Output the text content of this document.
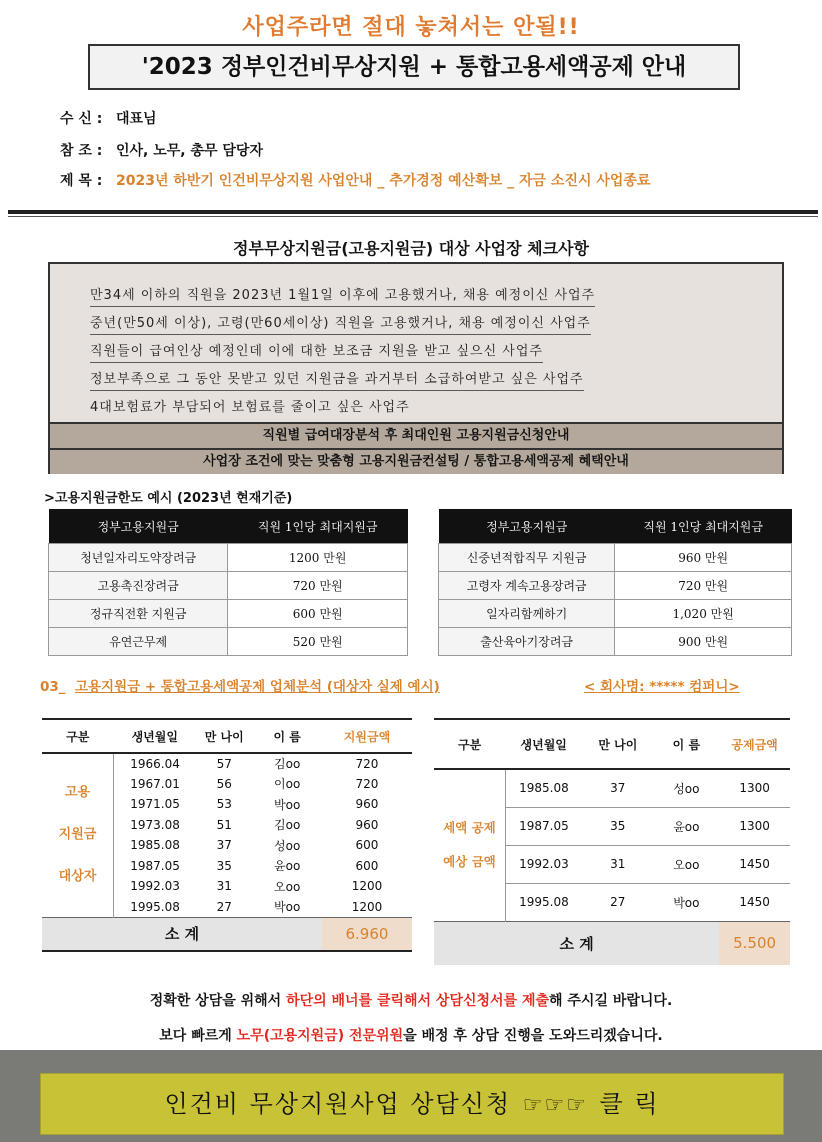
사업주라면 절대 놓쳐서는 안될!!
'2023 정부인건비무상지원 + 통합고용세액공제 안내
수 신 : 대표님
참 조 : 인사, 노무, 총무 담당자
제 목 : 2023년 하반기 인건비무상지원 사업안내 _ 추가경정 예산확보 _ 자금 소진시 사업종료
정부무상지원금(고용지원금) 대상 사업장 체크사항
만34세 이하의 직원을 2023년 1월1일 이후에 고용했거나, 채용 예정이신 사업주
중년(만50세 이상), 고령(만60세이상) 직원을 고용했거나, 채용 예정이신 사업주
직원들이 급여인상 예정인데 이에 대한 보조금 지원을 받고 싶으신 사업주
정보부족으로 그 동안 못받고 있던 지원금을 과거부터 소급하여받고 싶은 사업주
4대보험료가 부담되어 보험료를 줄이고 싶은 사업주
직원별 급여대장분석 후 최대인원 고용지원금신청안내
사업장 조건에 맞는 맞춤형 고용지원금컨설팅 / 통합고용세액공제 혜택안내
>고용지원금한도 예시 (2023년 현재기준)
정부고용지원금	직원 1인당 최대지원금
청년일자리도약장려금	1200 만원
고용촉진장려금	720 만원
정규직전환 지원금	600 만원
유연근무제	520 만원
정부고용지원금	직원 1인당 최대지원금
신중년적합직무 지원금	960 만원
고령자 계속고용장려금	720 만원
일자리함께하기	1,020 만원
출산육아기장려금	900 만원
03_ 고용지원금 + 통합고용세액공제 업체분석 (대상자 실제 예시)	< 회사명: ***** 컴퍼니>
구분	생년월일	만 나이	이 름	지원금액

고용
지원금
대상자	1966.04	57	김oo	720
	1967.01	56	이oo	720
	1971.05	53	박oo	960
	1973.08	51	김oo	960
	1985.08	37	성oo	600
	1987.05	35	윤oo	600
	1992.03	31	오oo	1200
	1995.08	27	박oo	1200
소 계				6.960
구분	생년월일	만 나이	이 름	공제금액

세액 공제
예상 금액	1985.08	37	성oo	1300
	1987.05	35	윤oo	1300
	1992.03	31	오oo	1450
	1995.08	27	박oo	1450
소 계				5.500
정확한 상담을 위해서 하단의 배너를 클릭해서 상담신청서를 제출해 주시길 바랍니다.
보다 빠르게 노무(고용지원금) 전문위원을 배정 후 상담 진행을 도와드리겠습니다.
인건비 무상지원사업 상담신청 ☞☞☞ 클 릭
